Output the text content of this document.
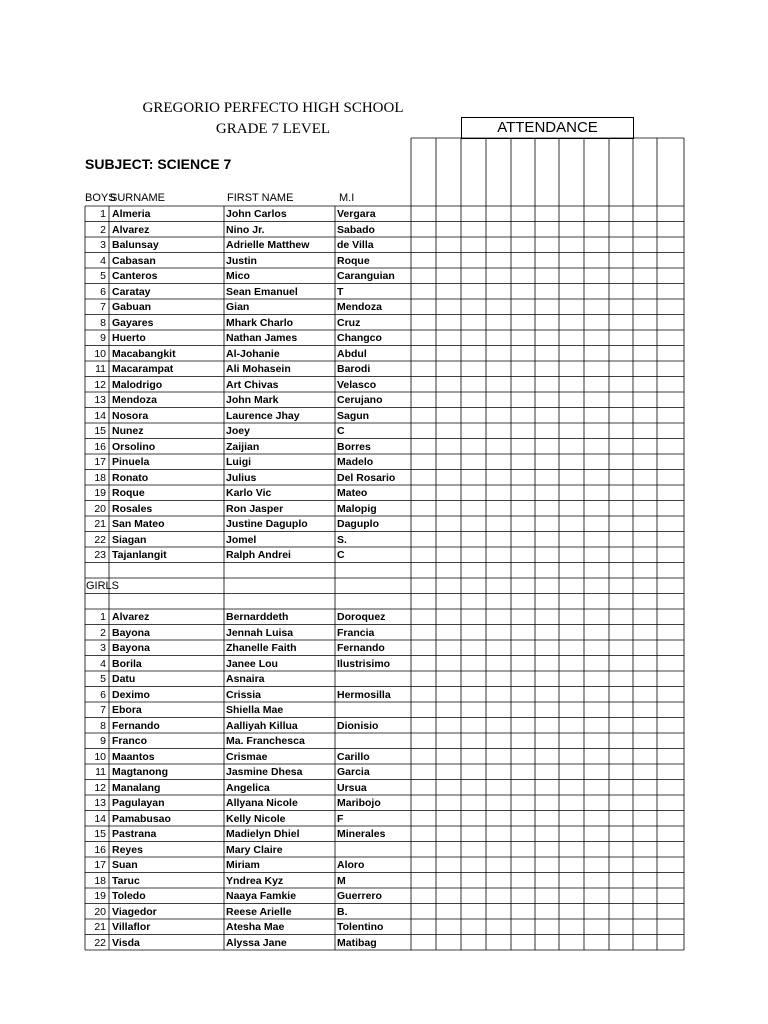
GREGORIO PERFECTO HIGH SCHOOL
GRADE 7 LEVEL
SUBJECT: SCIENCE 7
ATTENDANCE
BOYS
SURNAME	FIRST NAME	M.I
1 Almeria	John Carlos	Vergara
2 Alvarez	Nino Jr.	Sabado
3 Balunsay	Adrielle Matthew	de Villa
4 Cabasan	Justin	Roque
5 Canteros	Mico	Caranguian
6 Caratay	Sean Emanuel	T
7 Gabuan	Gian	Mendoza
8 Gayares	Mhark Charlo	Cruz
9 Huerto	Nathan James	Changco
10 Macabangkit	Al-Johanie	Abdul
11 Macarampat	Ali Mohasein	Barodi
12 Malodrigo	Art Chivas	Velasco
13 Mendoza	John Mark	Cerujano
14 Nosora	Laurence Jhay	Sagun
15 Nunez	Joey	C
16 Orsolino	Zaijian	Borres
17 Pinuela	Luigi	Madelo
18 Ronato	Julius	Del Rosario
19 Roque	Karlo Vic	Mateo
20 Rosales	Ron Jasper	Malopig
21 San Mateo	Justine Daguplo	Daguplo
22 Siagan	Jomel	S.
23 Tajanlangit	Ralph Andrei	C
GIRLS
1 Alvarez	Bernarddeth	Doroquez
2 Bayona	Jennah Luisa	Francia
3 Bayona	Zhanelle Faith	Fernando
4 Borila	Janee Lou	Ilustrisimo
5 Datu	Asnaira
6 Deximo	Crissia	Hermosilla
7 Ebora	Shiella Mae
8 Fernando	Aalliyah Killua	Dionisio
9 Franco	Ma. Franchesca
10 Maantos	Crismae	Carillo
11 Magtanong	Jasmine Dhesa	Garcia
12 Manalang	Angelica	Ursua
13 Pagulayan	Allyana Nicole	Maribojo
14 Pamabusao	Kelly Nicole	F
15 Pastrana	Madielyn Dhiel	Minerales
16 Reyes	Mary Claire
17 Suan	Miriam	Aloro
18 Taruc	Yndrea Kyz	M
19 Toledo	Naaya Famkie	Guerrero
20 Viagedor	Reese Arielle	B.
21 Villaflor	Atesha Mae	Tolentino
22 Visda	Alyssa Jane	Matibag
